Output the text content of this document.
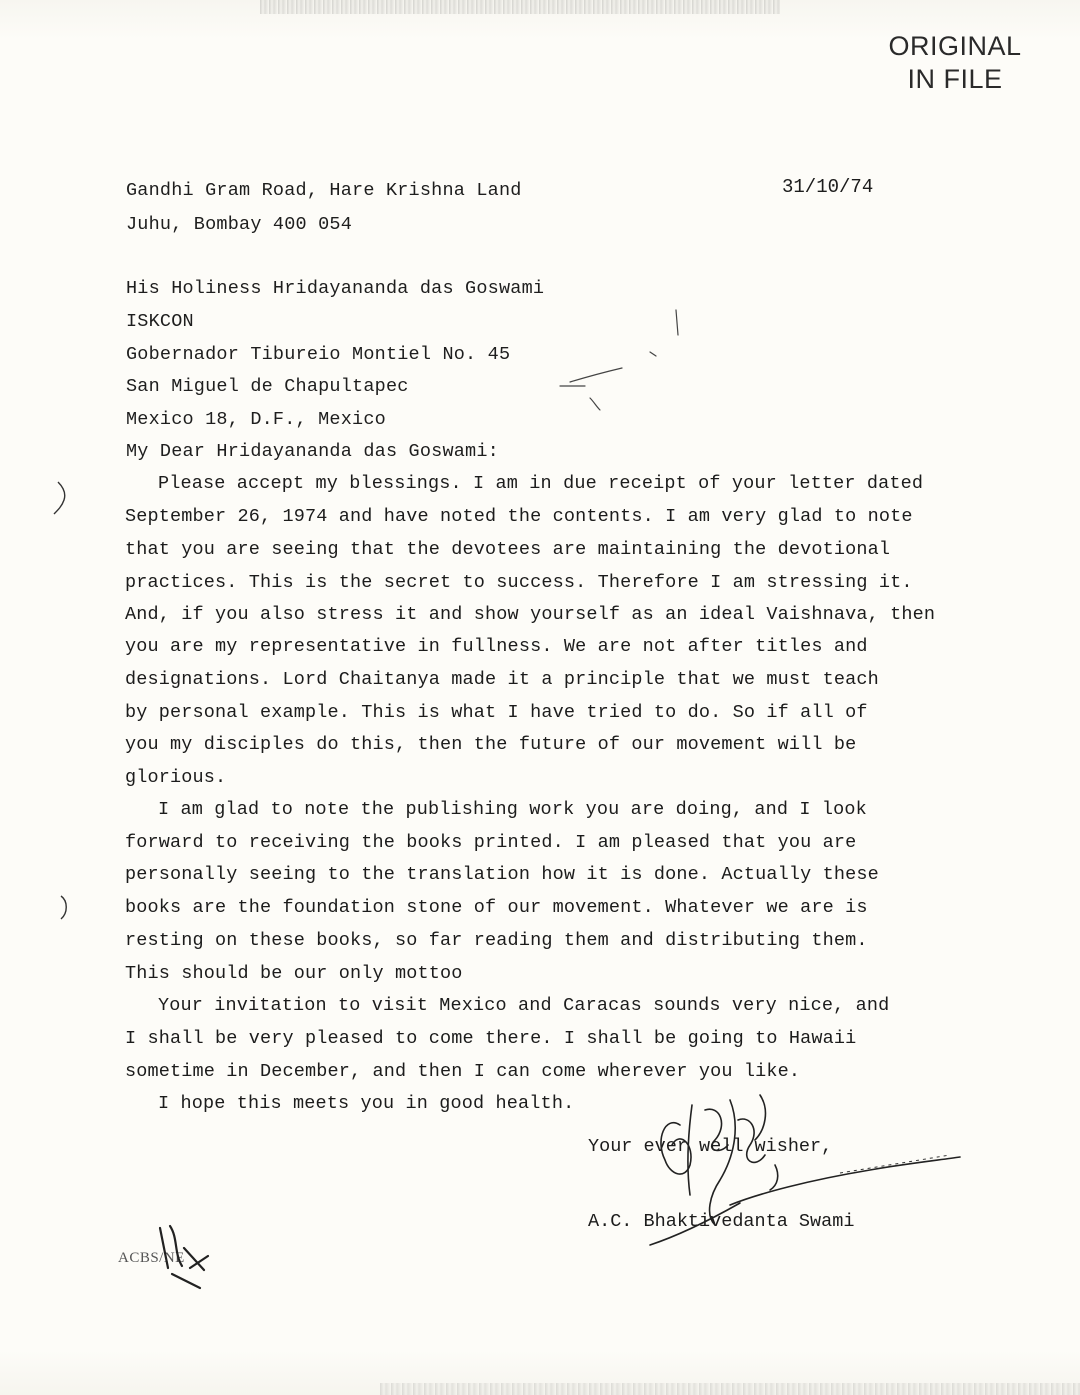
ORIGINAL
IN FILE
Gandhi Gram Road, Hare Krishna Land
Juhu, Bombay 400 054
31/10/74
His Holiness Hridayananda das Goswami
ISKCON
Gobernador Tibureio Montiel No. 45
San Miguel de Chapultapec
Mexico 18, D.F., Mexico
My Dear Hridayananda das Goswami:
Please accept my blessings. I am in due receipt of your letter dated
September 26, 1974 and have noted the contents. I am very glad to note
that you are seeing that the devotees are maintaining the devotional
practices. This is the secret to success. Therefore I am stressing it.
And, if you also stress it and show yourself as an ideal Vaishnava, then
you are my representative in fullness. We are not after titles and
designations. Lord Chaitanya made it a principle that we must teach
by personal example. This is what I have tried to do. So if all of
you my disciples do this, then the future of our movement will be
glorious.
I am glad to note the publishing work you are doing, and I look
forward to receiving the books printed. I am pleased that you are
personally seeing to the translation how it is done. Actually these
books are the foundation stone of our movement. Whatever we are is
resting on these books, so far reading them and distributing them.
This should be our only mottoo
Your invitation to visit Mexico and Caracas sounds very nice, and
I shall be very pleased to come there. I shall be going to Hawaii
sometime in December, and then I can come wherever you like.
I hope this meets you in good health.
Your ever well wisher,
A.C. Bhaktivedanta Swami
ACBS/NE
